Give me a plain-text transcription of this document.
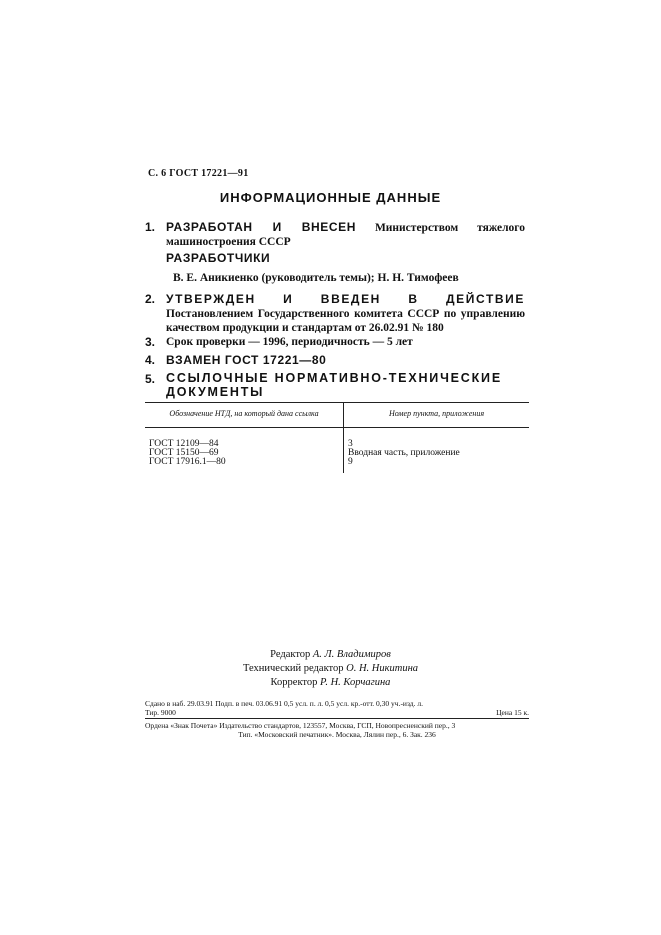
С. 6 ГОСТ 17221—91
ИНФОРМАЦИОННЫЕ ДАННЫЕ
1. РАЗРАБОТАН И ВНЕСЕН Министерством тяжелого машиностроения СССР
РАЗРАБОТЧИКИ
В. Е. Аникиенко (руководитель темы); Н. Н. Тимофеев
2. УТВЕРЖДЕН И ВВЕДЕН В ДЕЙСТВИЕ Постановлением Государственного комитета СССР по управлению качеством продукции и стандартам от 26.02.91 № 180
3. Срок проверки — 1996, периодичность — 5 лет
4. ВЗАМЕН ГОСТ 17221—80
5. ССЫЛОЧНЫЕ НОРМАТИВНО-ТЕХНИЧЕСКИЕ ДОКУМЕНТЫ
Обозначение НТД, на который дана ссылка	Номер пункта, приложения
ГОСТ 12109—84	3
ГОСТ 15150—69	Вводная часть, приложение
ГОСТ 17916.1—80	9
Редактор А. Л. Владимиров
Технический редактор О. Н. Никитина
Корректор Р. Н. Корчагина
Сдано в наб. 29.03.91 Подп. в печ. 03.06.91 0,5 усл. п. л. 0,5 усл. кр.-отт. 0,30 уч.-изд. л.
Тир. 9000	Цена 15 к.
Ордена «Знак Почета» Издательство стандартов, 123557, Москва, ГСП, Новопресненский пер., 3
Тип. «Московский печатник». Москва, Лялин пер., 6. Зак. 236
